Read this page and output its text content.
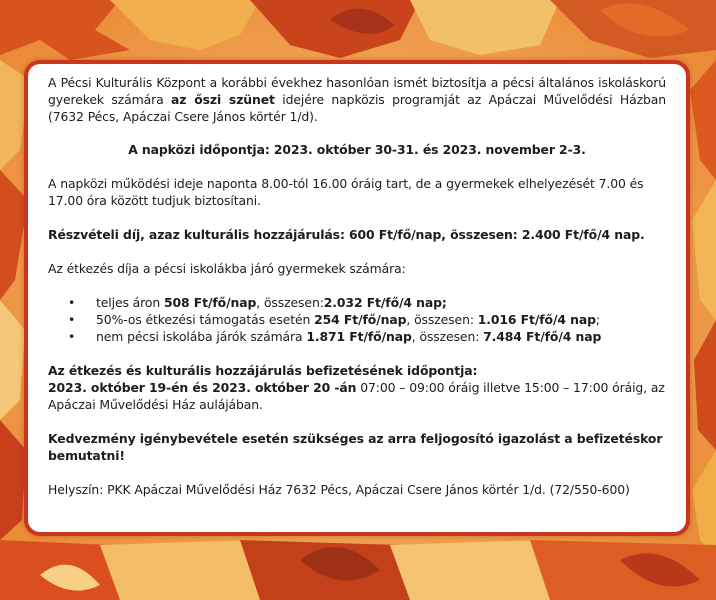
A Pécsi Kulturális Központ a korábbi évekhez hasonlóan ismét biztosítja a pécsi általános iskoláskorú gyerekek számára az őszi szünet idejére napközis programját az Apáczai Művelődési Házban (7632 Pécs, Apáczai Csere János körtér 1/d).

A napközi időpontja: 2023. október 30-31. és 2023. november 2-3.

A napközi működési ideje naponta 8.00-tól 16.00 óráig tart, de a gyermekek elhelyezését 7.00 és 17.00 óra között tudjuk biztosítani.

Részvételi díj, azaz kulturális hozzájárulás: 600 Ft/fő/nap, összesen: 2.400 Ft/fő/4 nap.

Az étkezés díja a pécsi iskolákba járó gyermekek számára:

• teljes áron 508 Ft/fő/nap, összesen:2.032 Ft/fő/4 nap;
• 50%-os étkezési támogatás esetén 254 Ft/fő/nap, összesen: 1.016 Ft/fő/4 nap;
• nem pécsi iskolába járók számára 1.871 Ft/fő/nap, összesen: 7.484 Ft/fő/4 nap

Az étkezés és kulturális hozzájárulás befizetésének időpontja:
2023. október 19-én és 2023. október 20 -án 07:00 – 09:00 óráig illetve 15:00 – 17:00 óráig, az Apáczai Művelődési Ház aulájában.

Kedvezmény igénybevétele esetén szükséges az arra feljogosító igazolást a befizetéskor bemutatni!

Helyszín: PKK Apáczai Művelődési Ház 7632 Pécs, Apáczai Csere János körtér 1/d. (72/550-600)
